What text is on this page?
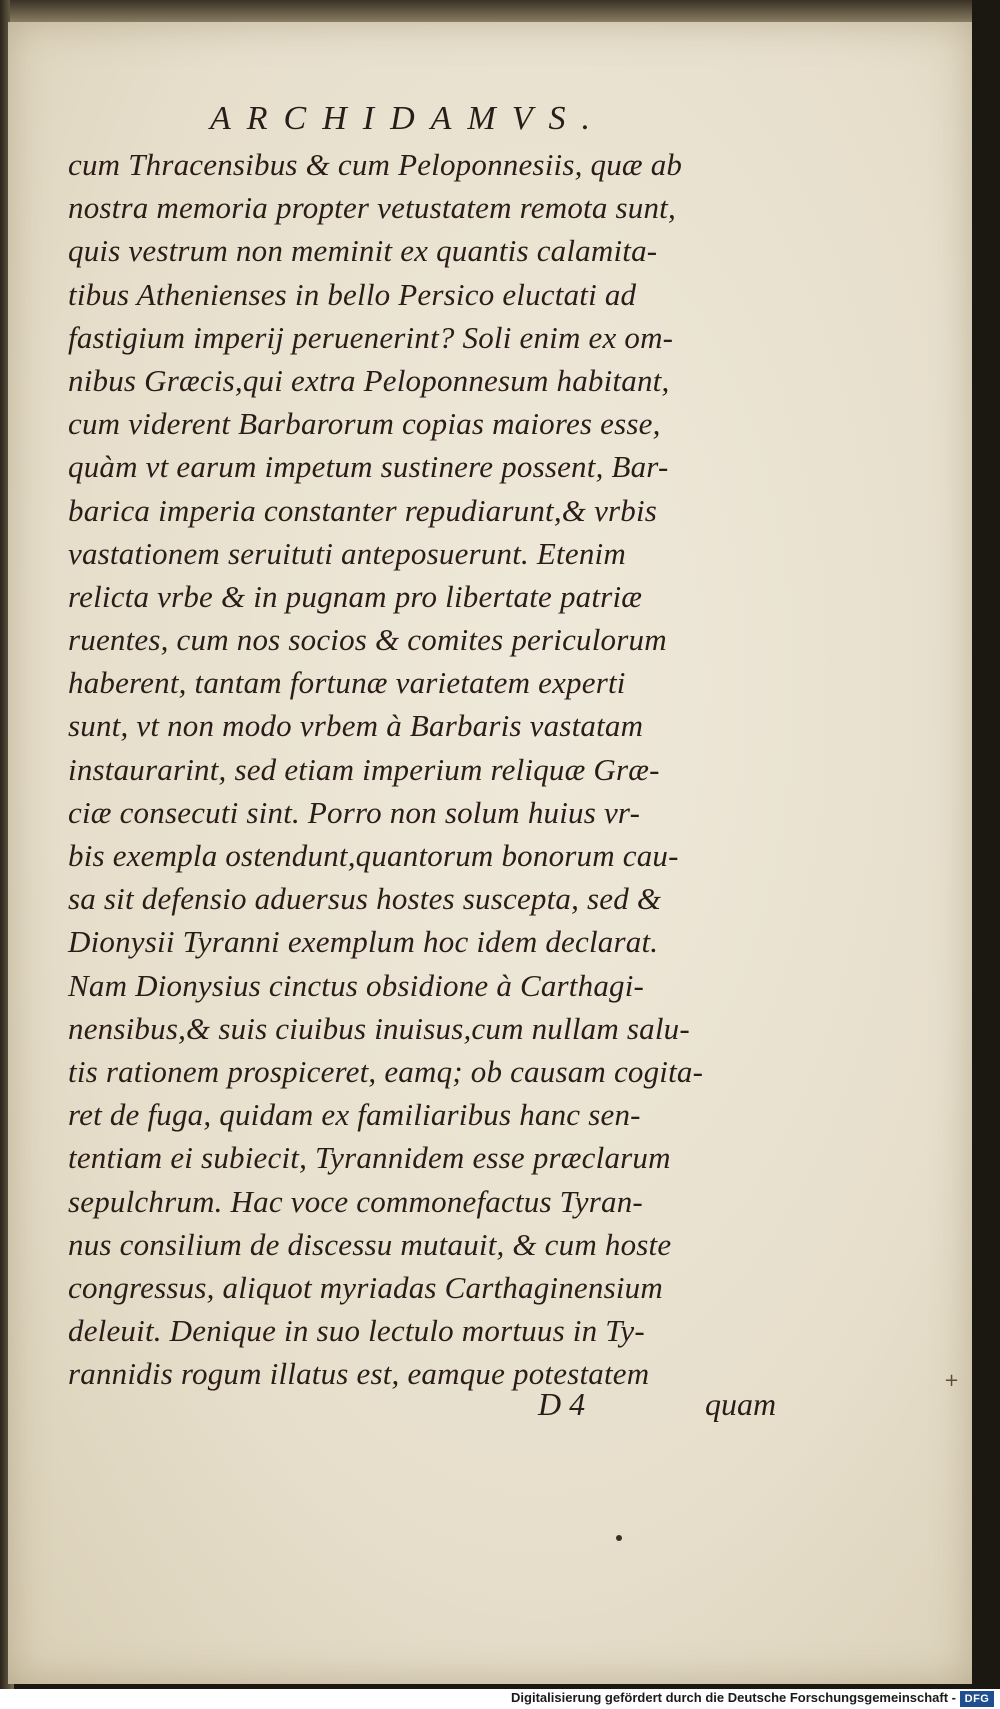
ARCHIDAMVS.
cum Thracensibus & cum Peloponnesiis, quæ ab
nostra memoria propter vetustatem remota sunt,
quis vestrum non meminit ex quantis calamita-
tibus Athenienses in bello Persico eluctati ad
fastigium imperij peruenerint? Soli enim ex om-
nibus Græcis,qui extra Peloponnesum habitant,
cum viderent Barbarorum copias maiores esse,
quàm vt earum impetum sustinere possent, Bar-
barica imperia constanter repudiarunt,& vrbis
vastationem seruituti anteposuerunt. Etenim
relicta vrbe & in pugnam pro libertate patriæ
ruentes, cum nos socios & comites periculorum
haberent, tantam fortunæ varietatem experti
sunt, vt non modo vrbem à Barbaris vastatam
instaurarint, sed etiam imperium reliquæ Græ-
ciæ consecuti sint. Porro non solum huius vr-
bis exempla ostendunt,quantorum bonorum cau-
sa sit defensio aduersus hostes suscepta, sed &
Dionysii Tyranni exemplum hoc idem declarat.
Nam Dionysius cinctus obsidione à Carthagi-
nensibus,& suis ciuibus inuisus,cum nullam salu-
tis rationem prospiceret, eamq; ob causam cogita-
ret de fuga, quidam ex familiaribus hanc sen-
tentiam ei subiecit, Tyrannidem esse præclarum
sepulchrum. Hac voce commonefactus Tyran-
nus consilium de discessu mutauit, & cum hoste
congressus, aliquot myriadas Carthaginensium
deleuit. Denique in suo lectulo mortuus in Ty-
rannidis rogum illatus est, eamque potestatem
D 4	quam
+
Digitalisierung gefördert durch die Deutsche Forschungsgemeinschaft - DFG
